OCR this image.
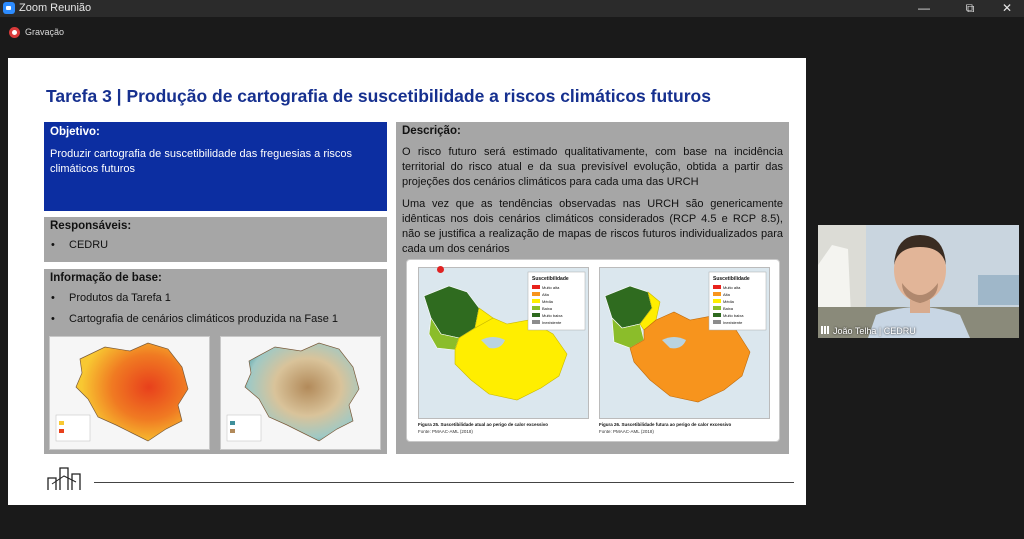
Zoom Reunião	—	⧉	✕
Gravação
Tarefa 3 | Produção de cartografia de suscetibilidade a riscos climáticos futuros
Objetivo:
Produzir cartografia de suscetibilidade das freguesias a riscos climáticos futuros
Responsáveis:
• CEDRU
Informação de base:
• Produtos da Tarefa 1
• Cartografia de cenários climáticos produzida na Fase 1
Descrição:
O risco futuro será estimado qualitativamente, com base na incidência territorial do risco atual e da sua previsível evolução, obtida a partir das projeções dos cenários climáticos para cada uma das URCH
Uma vez que as tendências observadas nas URCH são genericamente idênticas nos dois cenários climáticos considerados (RCP 4.5 e RCP 8.5), não se justifica a realização de mapas de riscos futuros individualizados para cada um dos cenários
Suscetibilidade
Muito alta
Alta
Média
Baixa
Muito baixa
Inexistente
Figura 25. Suscetibilidade atual ao perigo de calor excessivo
Fonte: PMAAC-AML (2018)
Suscetibilidade
Muito alta
Alta
Média
Baixa
Muito baixa
Inexistente
Figura 26. Suscetibilidade futura ao perigo de calor excessivo
Fonte: PMAAC-AML (2018)
João Telha | CEDRU
